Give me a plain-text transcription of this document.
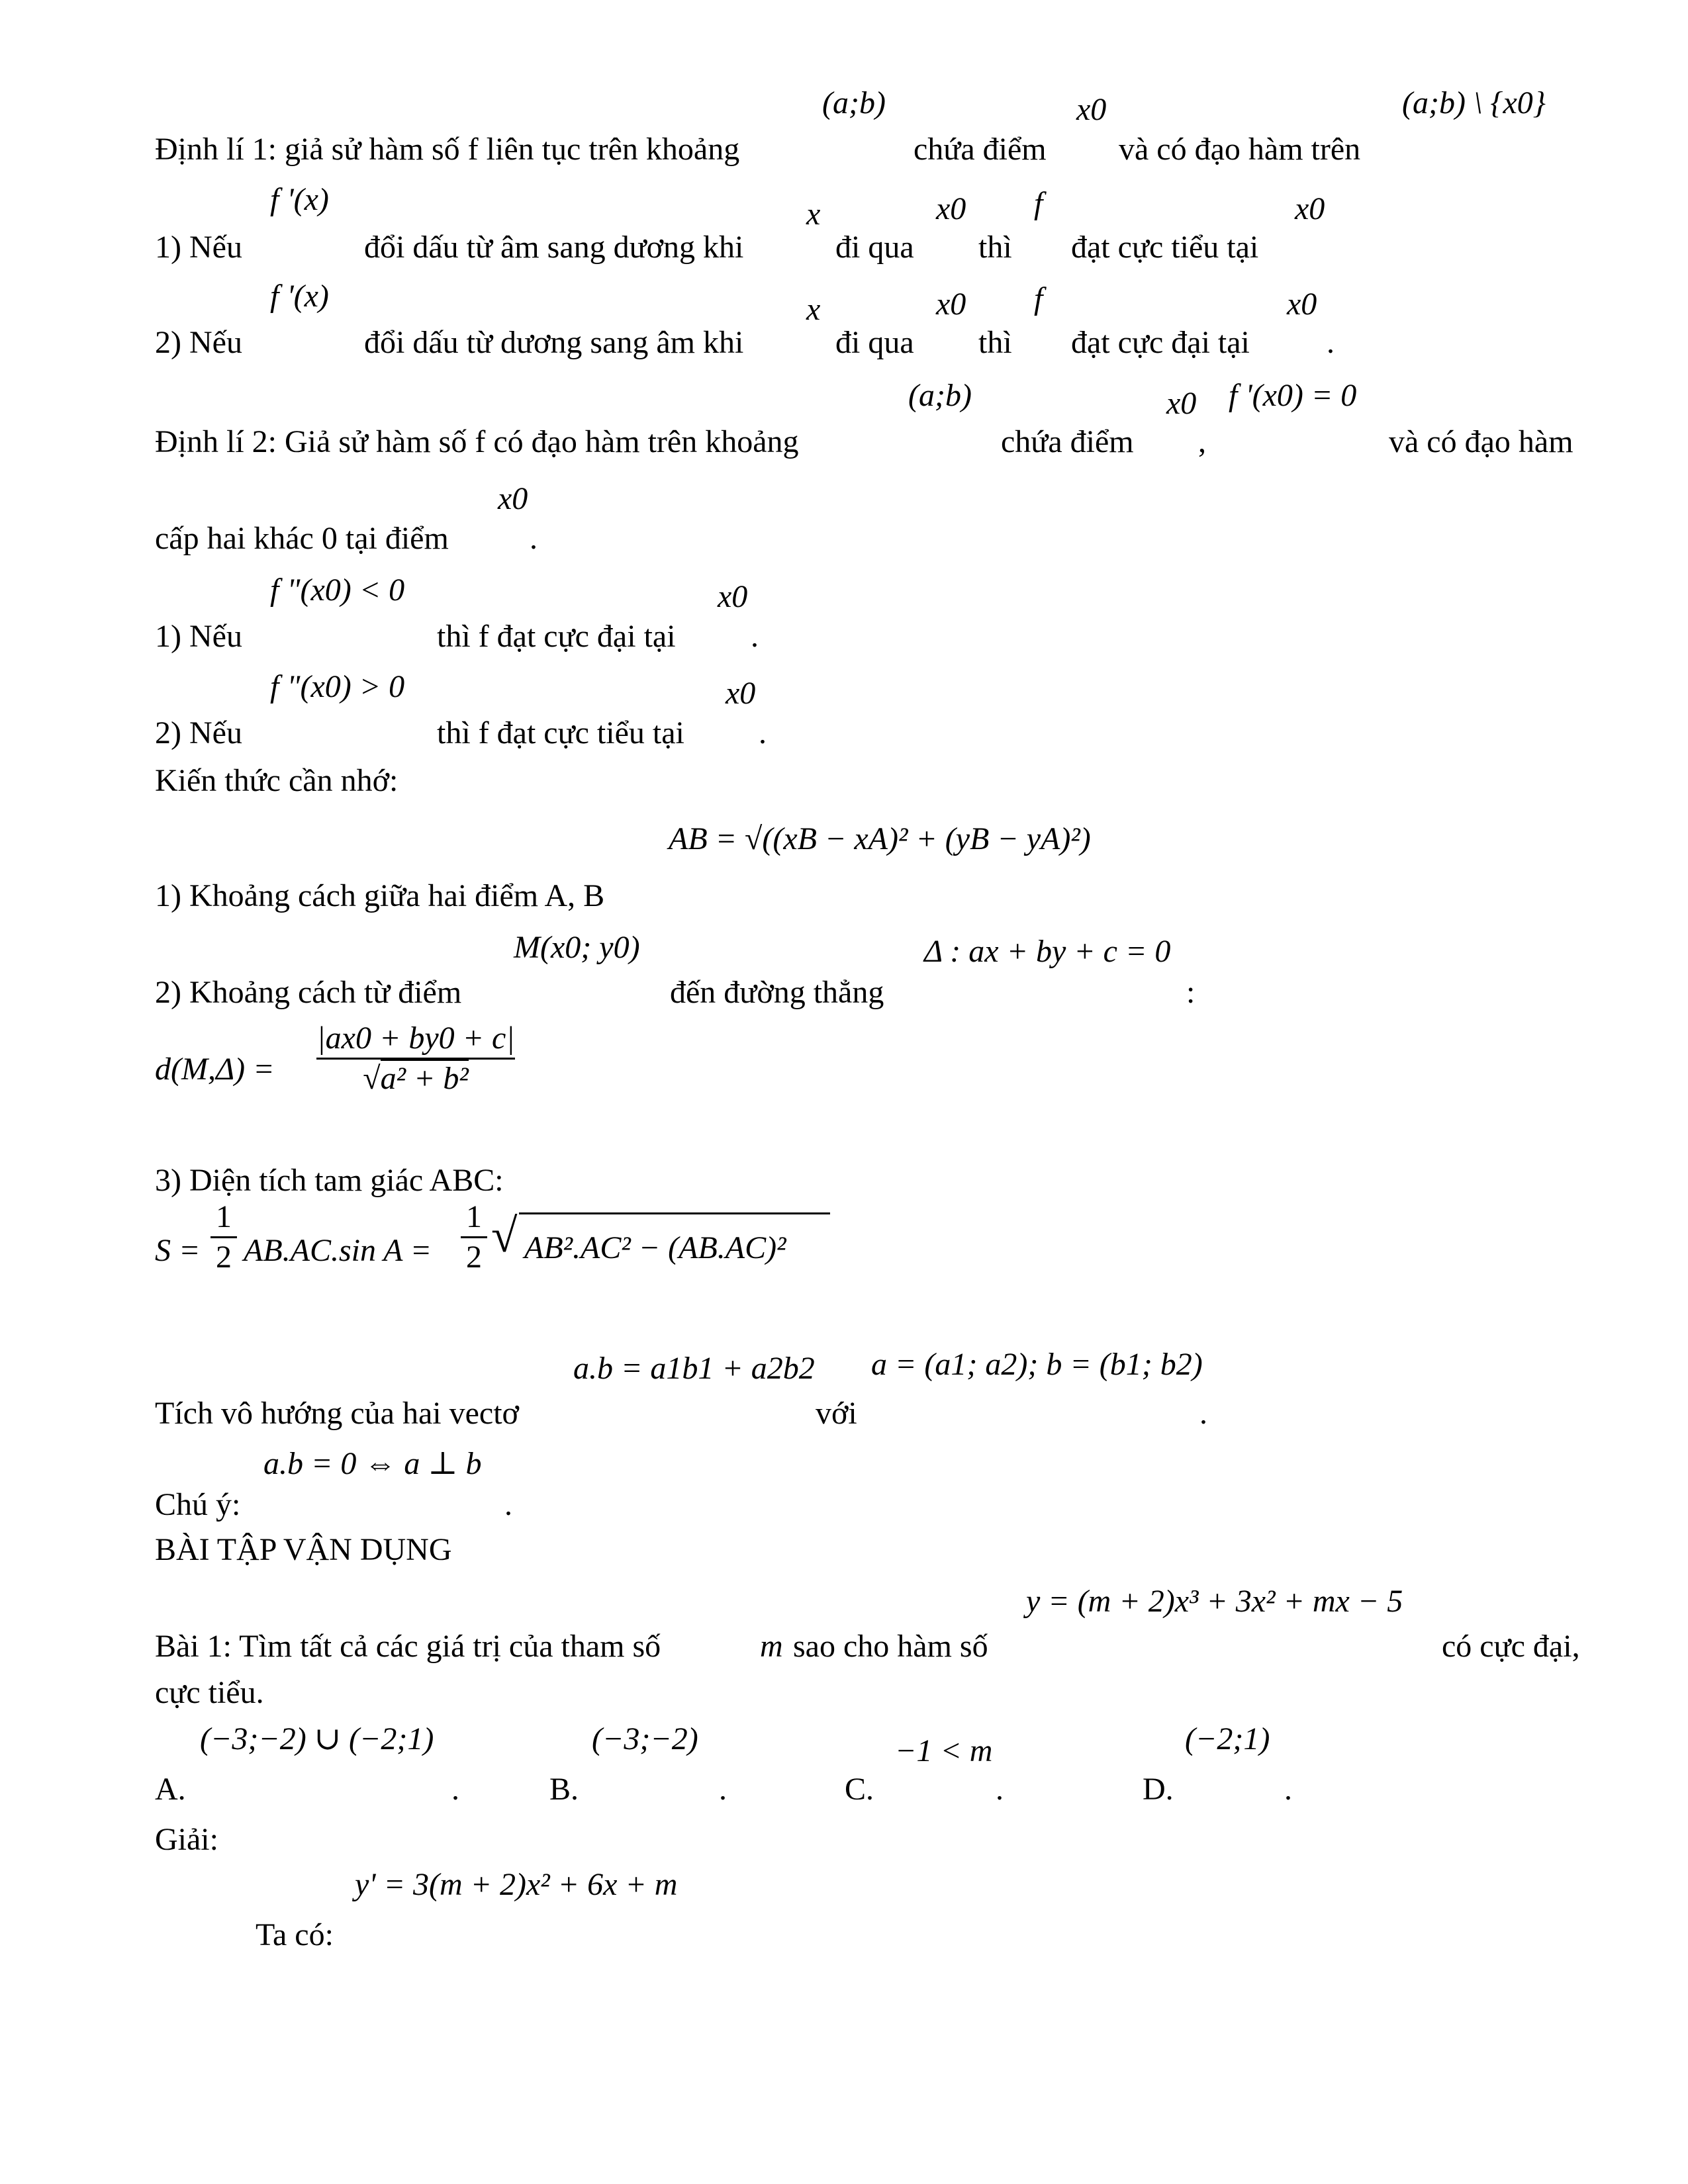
(a;b)	x0	(a;b) \ {x0}
Định lí 1: giả sử hàm số f liên tục trên khoảng	chứa điểm và có đạo hàm trên
f '(x)	x	x0 f	x0
1) Nếu	đổi dấu từ âm sang dương khi	đi qua thì đạt cực tiểu tại
f '(x)	x	x0 f	x0
2) Nếu	đổi dấu từ dương sang âm khi	đi qua thì đạt cực đại tại .
(a;b)	x0 f '(x0) = 0
Định lí 2: Giả sử hàm số f có đạo hàm trên khoảng	chứa điểm ,	và có đạo hàm
x0
cấp hai khác 0 tại điểm	.
f "(x0) < 0	x0
1) Nếu	thì f đạt cực đại tại .
f "(x0) > 0	x0
2) Nếu	thì f đạt cực tiểu tại .
Kiến thức cần nhớ:
AB = √((xB − xA)² + (yB − yA)²)
1) Khoảng cách giữa hai điểm A, B
M(x0; y0)	Δ : ax + by + c = 0
2) Khoảng cách từ điểm	đến đường thẳng	:
d(M,Δ) =
|ax0 + by0 + c|
√a² + b²
3) Diện tích tam giác ABC:
S =
1
2 AB.AC.sin A =
1
2 √ AB².AC² − (AB.AC)²
a.b = a1b1 + a2b2 a = (a1; a2); b = (b1; b2)
Tích vô hướng của hai vectơ	với	.
a.b = 0 ⇔ a ⊥ b
Chú ý:	.
BÀI TẬP VẬN DỤNG
y = (m + 2)x³ + 3x² + mx − 5
Bài 1: Tìm tất cả các giá trị của tham số	m sao cho hàm số	có cực đại,
cực tiểu.
(−3;−2) ∪ (−2;1)	(−3;−2)	−1 < m	(−2;1)
A.	.	B.	.	C.	.	D.	.
Giải:
y' = 3(m + 2)x² + 6x + m
Ta có:
